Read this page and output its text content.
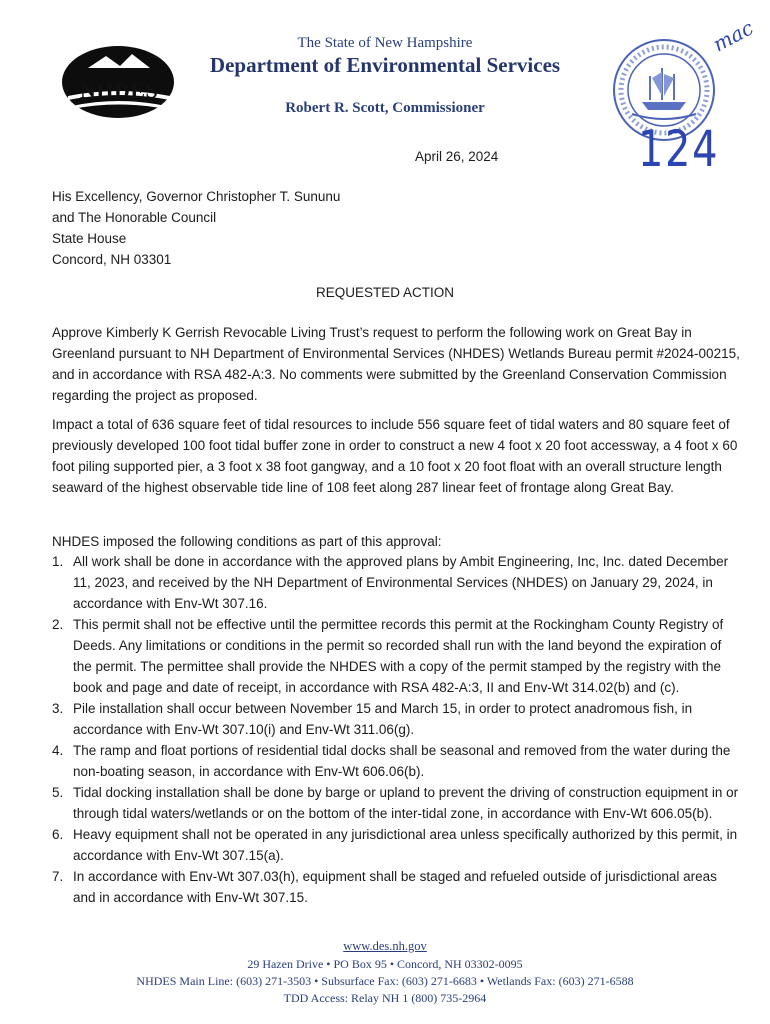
NHDES
The State of New Hampshire
Department of Environmental Services
Robert R. Scott, Commissioner
mac
124
April 26, 2024
His Excellency, Governor Christopher T. Sununu
and The Honorable Council
State House
Concord, NH 03301
REQUESTED ACTION
Approve Kimberly K Gerrish Revocable Living Trust’s request to perform the following work on Great Bay in Greenland pursuant to NH Department of Environmental Services (NHDES) Wetlands Bureau permit #2024-00215, and in accordance with RSA 482-A:3. No comments were submitted by the Greenland Conservation Commission regarding the project as proposed.
Impact a total of 636 square feet of tidal resources to include 556 square feet of tidal waters and 80 square feet of previously developed 100 foot tidal buffer zone in order to construct a new 4 foot x 20 foot accessway, a 4 foot x 60 foot piling supported pier, a 3 foot x 38 foot gangway, and a 10 foot x 20 foot float with an overall structure length seaward of the highest observable tide line of 108 feet along 287 linear feet of frontage along Great Bay.
NHDES imposed the following conditions as part of this approval:
1. All work shall be done in accordance with the approved plans by Ambit Engineering, Inc, Inc. dated December 11, 2023, and received by the NH Department of Environmental Services (NHDES) on January 29, 2024, in accordance with Env-Wt 307.16.
2. This permit shall not be effective until the permittee records this permit at the Rockingham County Registry of Deeds. Any limitations or conditions in the permit so recorded shall run with the land beyond the expiration of the permit. The permittee shall provide the NHDES with a copy of the permit stamped by the registry with the book and page and date of receipt, in accordance with RSA 482-A:3, II and Env-Wt 314.02(b) and (c).
3. Pile installation shall occur between November 15 and March 15, in order to protect anadromous fish, in accordance with Env-Wt 307.10(i) and Env-Wt 311.06(g).
4. The ramp and float portions of residential tidal docks shall be seasonal and removed from the water during the non-boating season, in accordance with Env-Wt 606.06(b).
5. Tidal docking installation shall be done by barge or upland to prevent the driving of construction equipment in or through tidal waters/wetlands or on the bottom of the inter-tidal zone, in accordance with Env-Wt 606.05(b).
6. Heavy equipment shall not be operated in any jurisdictional area unless specifically authorized by this permit, in accordance with Env-Wt 307.15(a).
7. In accordance with Env-Wt 307.03(h), equipment shall be staged and refueled outside of jurisdictional areas and in accordance with Env-Wt 307.15.
www.des.nh.gov
29 Hazen Drive • PO Box 95 • Concord, NH 03302-0095
NHDES Main Line: (603) 271-3503 • Subsurface Fax: (603) 271-6683 • Wetlands Fax: (603) 271-6588
TDD Access: Relay NH 1 (800) 735-2964
